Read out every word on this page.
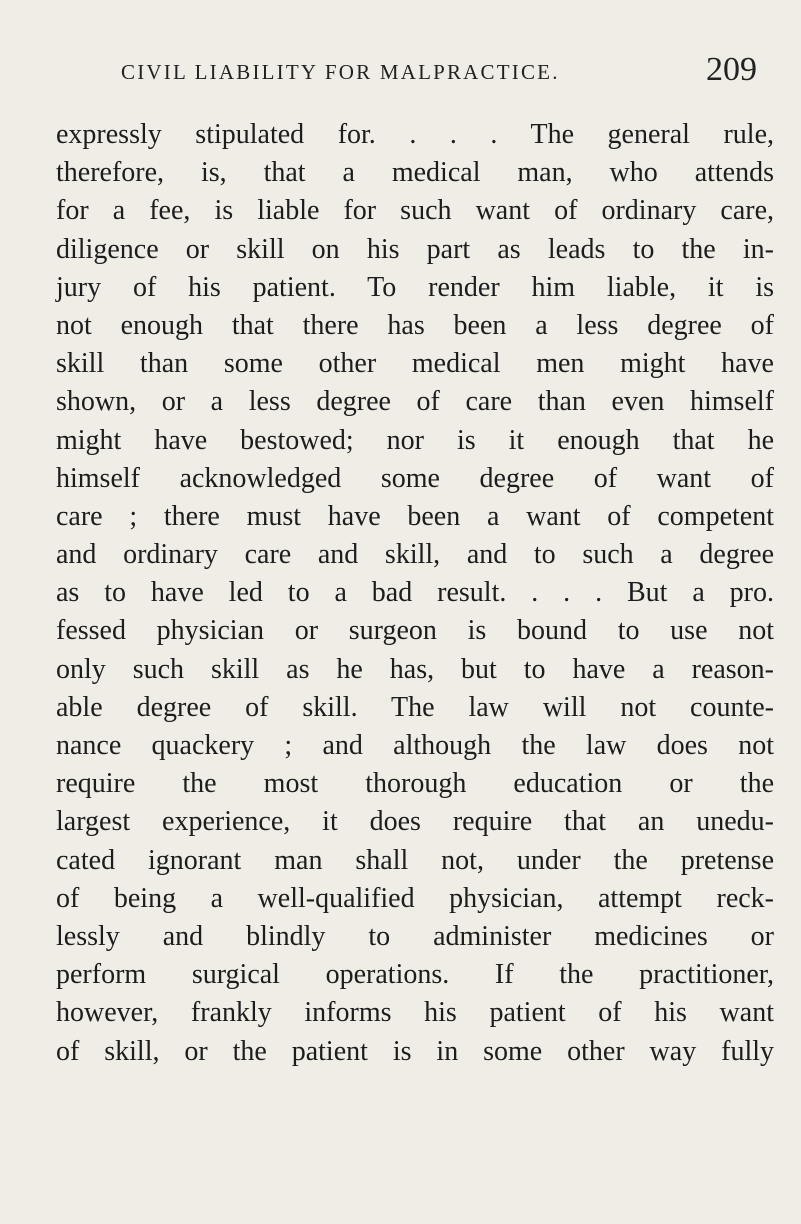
CIVIL LIABILITY FOR MALPRACTICE.	209
expressly stipulated for. . . . The general rule,
therefore, is, that a medical man, who attends
for a fee, is liable for such want of ordinary care,
diligence or skill on his part as leads to the in-
jury of his patient. To render him liable, it is
not enough that there has been a less degree of
skill than some other medical men might have
shown, or a less degree of care than even himself
might have bestowed; nor is it enough that he
himself acknowledged some degree of want of
care ; there must have been a want of competent
and ordinary care and skill, and to such a degree
as to have led to a bad result. . . . But a pro.
fessed physician or surgeon is bound to use not
only such skill as he has, but to have a reason-
able degree of skill. The law will not counte-
nance quackery ; and although the law does not
require the most thorough education or the
largest experience, it does require that an unedu-
cated ignorant man shall not, under the pretense
of being a well-qualified physician, attempt reck-
lessly and blindly to administer medicines or
perform surgical operations. If the practitioner,
however, frankly informs his patient of his want
of skill, or the patient is in some other way fully
